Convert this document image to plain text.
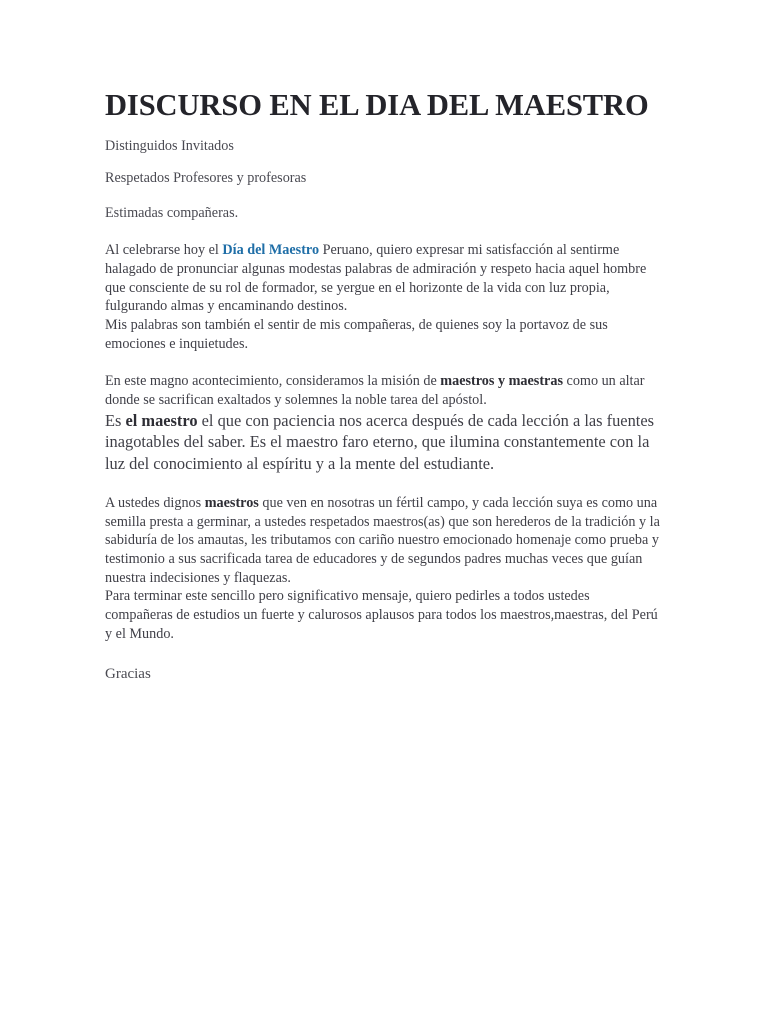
DISCURSO EN EL DIA DEL MAESTRO

Distinguidos Invitados

Respetados Profesores y profesoras

Estimadas compañeras.

Al celebrarse hoy el Día del Maestro Peruano, quiero expresar mi satisfacción al sentirme halagado de pronunciar algunas modestas palabras de admiración y respeto hacia aquel hombre que consciente de su rol de formador, se yergue en el horizonte de la vida con luz propia, fulgurando almas y encaminando destinos.

Mis palabras son también el sentir de mis compañeras, de quienes soy la portavoz de sus emociones e inquietudes.

En este magno acontecimiento, consideramos la misión de maestros y maestras como un altar donde se sacrifican exaltados y solemnes la noble tarea del apóstol.

Es el maestro el que con paciencia nos acerca después de cada lección a las fuentes inagotables del saber. Es el maestro faro eterno, que ilumina constantemente con la luz del conocimiento al espíritu y a la mente del estudiante.

A ustedes dignos maestros que ven en nosotras un fértil campo, y cada lección suya es como una semilla presta a germinar, a ustedes respetados maestros(as) que son herederos de la tradición y la sabiduría de los amautas, les tributamos con cariño nuestro emocionado homenaje como prueba y testimonio a sus sacrificada tarea de educadores y de segundos padres muchas veces que guían nuestra indecisiones y flaquezas.

Para terminar este sencillo pero significativo mensaje, quiero pedirles a todos ustedes compañeras de estudios un fuerte y calurosos aplausos para todos los maestros,maestras, del Perú y el Mundo.

Gracias
